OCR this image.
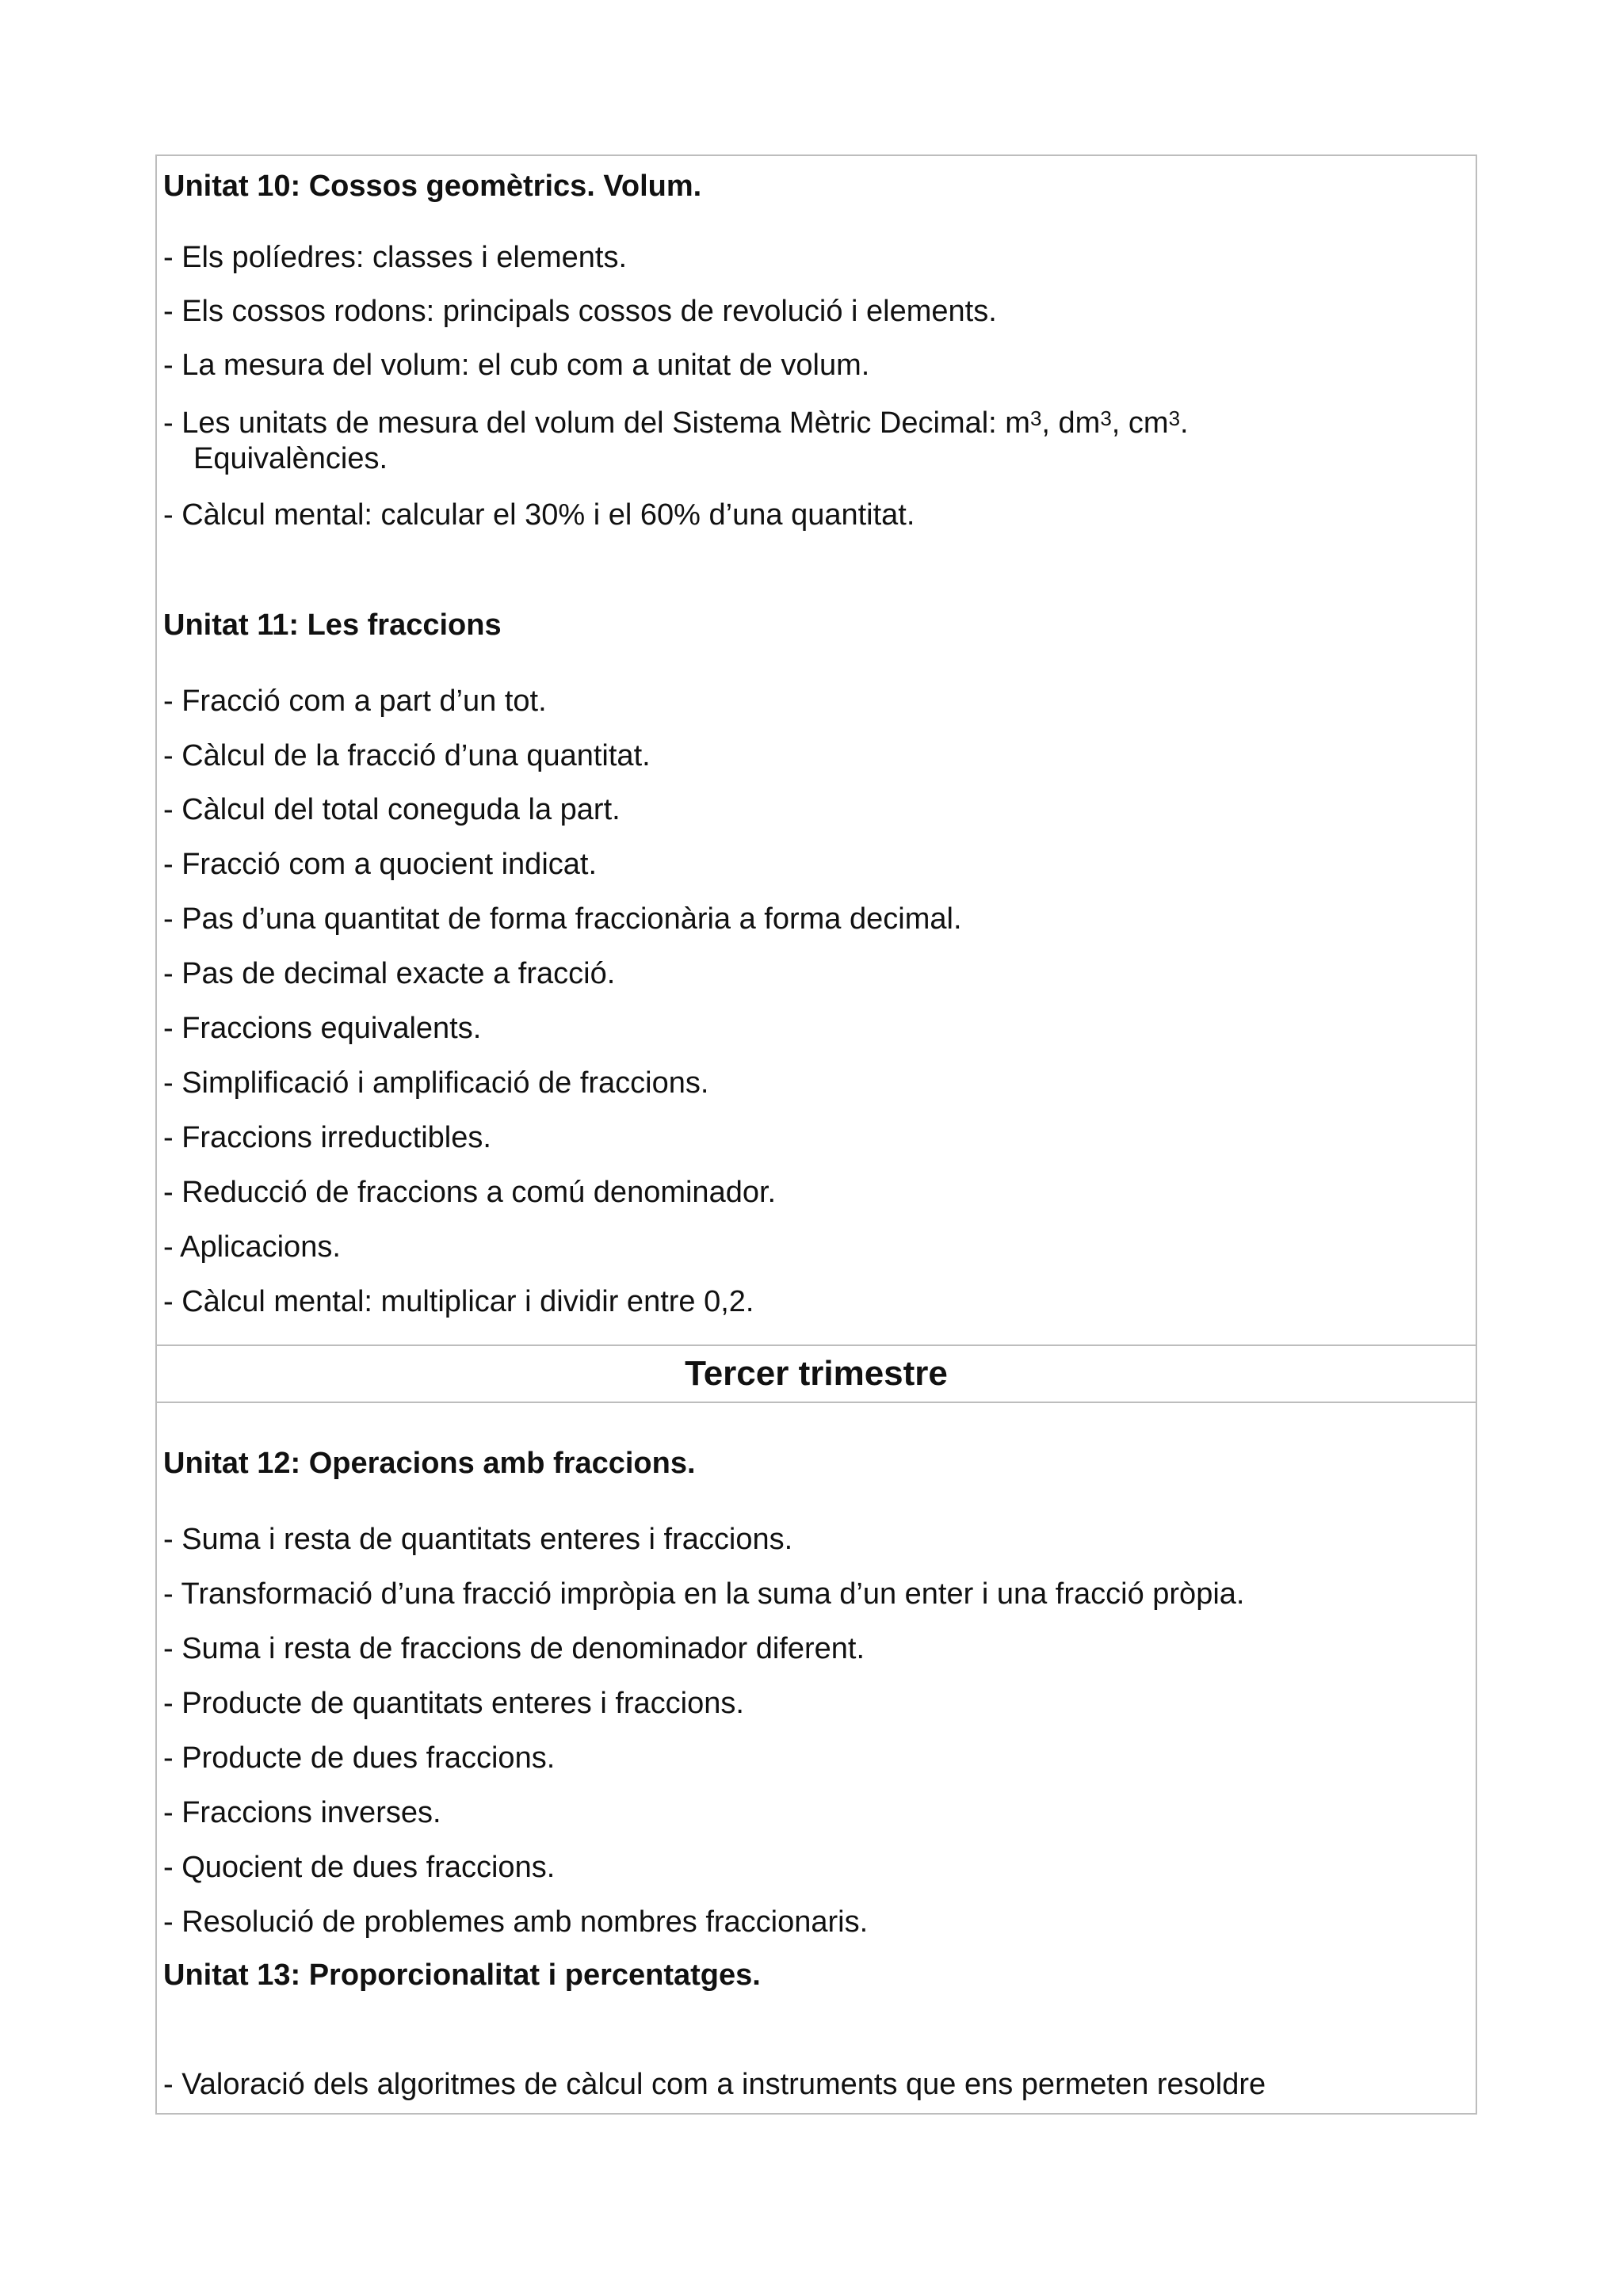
Unitat 10: Cossos geomètrics. Volum.
- Els políedres: classes i elements.
- Els cossos rodons: principals cossos de revolució i elements.
- La mesura del volum: el cub com a unitat de volum.
- Les unitats de mesura del volum del Sistema Mètric Decimal: $m^3$, $dm^3$, $cm^3$.
Equivalències.
- Càlcul mental: calcular el 30% i el 60% d’una quantitat.
Unitat 11: Les fraccions
- Fracció com a part d’un tot.
- Càlcul de la fracció d’una quantitat.
- Càlcul del total coneguda la part.
- Fracció com a quocient indicat.
- Pas d’una quantitat de forma fraccionària a forma decimal.
- Pas de decimal exacte a fracció.
- Fraccions equivalents.
- Simplificació i amplificació de fraccions.
- Fraccions irreductibles.
- Reducció de fraccions a comú denominador.
- Aplicacions.
- Càlcul mental: multiplicar i dividir entre 0,2.
Tercer trimestre
Unitat 12: Operacions amb fraccions.
- Suma i resta de quantitats enteres i fraccions.
- Transformació d’una fracció impròpia en la suma d’un enter i una fracció pròpia.
- Suma i resta de fraccions de denominador diferent.
- Producte de quantitats enteres i fraccions.
- Producte de dues fraccions.
- Fraccions inverses.
- Quocient de dues fraccions.
- Resolució de problemes amb nombres fraccionaris.
Unitat 13: Proporcionalitat i percentatges.
- Valoració dels algoritmes de càlcul com a instruments que ens permeten resoldre
